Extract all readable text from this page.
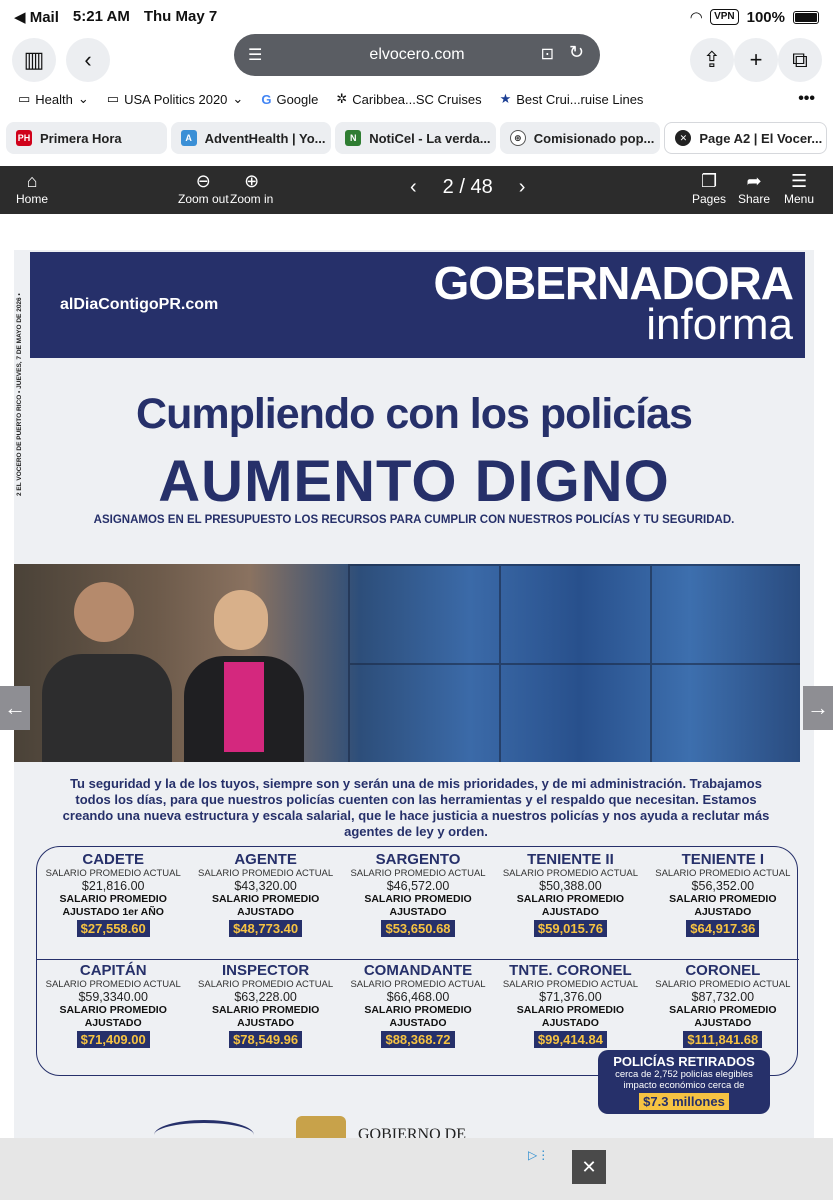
◀ Mail 5:21 AM Thu May 7	◠	VPN 100%
▥	‹	☰	elvocero.com	⊡ ↻	⇪	+	⧉
▭ Health ⌄ ▭ USA Politics 2020 ⌄ G Google ✲ Caribbea...SC Cruises ★ Best Crui...ruise Lines	•••
PH Primera Hora	A AdventHealth | Yo...	N NotiCel - La verda...	⊕ Comisionado pop...	✕ Page A2 | El Vocer...
⌂
Home
⊖
Zoom out
⊕
Zoom in
‹ 2 / 48 ›	❐
Pages
➦
Share
☰
Menu
2 EL VOCERO DE PUERTO RICO • JUEVES, 7 DE MAYO DE 2026 • alDiaContigoPR.com	GOBERNADORA
informa
Cumpliendo con los policías
AUMENTO DIGNO
ASIGNAMOS EN EL PRESUPUESTO LOS RECURSOS PARA CUMPLIR CON NUESTROS POLICÍAS Y TU SEGURIDAD.
Tu seguridad y la de los tuyos, siempre son y serán una de mis prioridades, y de mi administración. Trabajamos todos los días, para que nuestros policías cuenten con las herramientas y el respaldo que necesitan. Estamos creando una nueva estructura y escala salarial, que le hace justicia a nuestros policías y nos ayuda a reclutar más agentes de ley y orden.
CADETE
SALARIO PROMEDIO ACTUAL
$21,816.00
SALARIO PROMEDIO
AJUSTADO 1er AÑO
$27,558.60
AGENTE
SALARIO PROMEDIO ACTUAL
$43,320.00
SALARIO PROMEDIO
AJUSTADO
$48,773.40
SARGENTO
SALARIO PROMEDIO ACTUAL
$46,572.00
SALARIO PROMEDIO
AJUSTADO
$53,650.68
TENIENTE II
SALARIO PROMEDIO ACTUAL
$50,388.00
SALARIO PROMEDIO
AJUSTADO
$59,015.76
TENIENTE I
SALARIO PROMEDIO ACTUAL
$56,352.00
SALARIO PROMEDIO
AJUSTADO
$64,917.36
CAPITÁN
SALARIO PROMEDIO ACTUAL
$59,3340.00
SALARIO PROMEDIO
AJUSTADO
$71,409.00
INSPECTOR
SALARIO PROMEDIO ACTUAL
$63,228.00
SALARIO PROMEDIO
AJUSTADO
$78,549.96
COMANDANTE
SALARIO PROMEDIO ACTUAL
$66,468.00
SALARIO PROMEDIO
AJUSTADO
$88,368.72
TNTE. CORONEL
SALARIO PROMEDIO ACTUAL
$71,376.00
SALARIO PROMEDIO
AJUSTADO
$99,414.84
CORONEL
SALARIO PROMEDIO ACTUAL
$87,732.00
SALARIO PROMEDIO
AJUSTADO
$111,841.68
POLICÍAS RETIRADOS
cerca de 2,752 policías elegibles
impacto económico cerca de
$7.3 millones
GOBIERNO DE
←	→
▷⋮
✕
